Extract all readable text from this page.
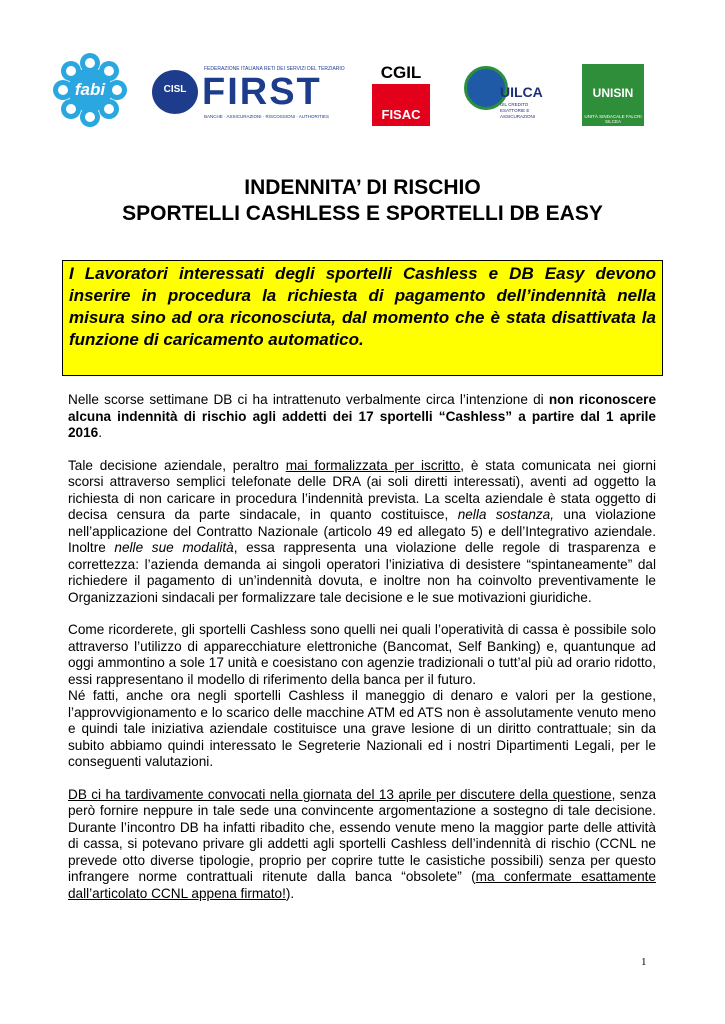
fabi	CISL
FEDERAZIONE ITALIANA RETI DEI SERVIZI DEL TERZIARIO
FIRST
BANCHE · ASSICURAZIONI · RISCOSSIONI · AUTHORITIES
CGIL
FISAC
UILCA
UIL CREDITO ESATTORIE E ASSICURAZIONI
UNISIN
UNITÀ SINDACALE FALCRI SILCEA
INDENNITA’ DI RISCHIO
SPORTELLI CASHLESS E SPORTELLI DB EASY
I Lavoratori interessati degli sportelli Cashless e DB Easy devono inserire in procedura la richiesta di pagamento dell’indennità nella misura sino ad ora riconosciuta, dal momento che è stata disattivata la funzione di caricamento automatico.

Nelle scorse settimane DB ci ha intrattenuto verbalmente circa l’intenzione di non riconoscere alcuna indennità di rischio agli addetti dei 17 sportelli “Cashless” a partire dal 1 aprile 2016.

Tale decisione aziendale, peraltro mai formalizzata per iscritto, è stata comunicata nei giorni scorsi attraverso semplici telefonate delle DRA (ai soli diretti interessati), aventi ad oggetto la richiesta di non caricare in procedura l’indennità prevista. La scelta aziendale è stata oggetto di decisa censura da parte sindacale, in quanto costituisce, nella sostanza, una violazione nell’applicazione del Contratto Nazionale (articolo 49 ed allegato 5) e dell’Integrativo aziendale. Inoltre nelle sue modalità, essa rappresenta una violazione delle regole di trasparenza e correttezza: l’azienda demanda ai singoli operatori l’iniziativa di desistere “spintaneamente” dal richiedere il pagamento di un’indennità dovuta, e inoltre non ha coinvolto preventivamente le Organizzazioni sindacali per formalizzare tale decisione e le sue motivazioni giuridiche.

Come ricorderete, gli sportelli Cashless sono quelli nei quali l’operatività di cassa è possibile solo attraverso l’utilizzo di apparecchiature elettroniche (Bancomat, Self Banking) e, quantunque ad oggi ammontino a sole 17 unità e coesistano con agenzie tradizionali o tutt’al più ad orario ridotto, essi rappresentano il modello di riferimento della banca per il futuro.

Né fatti, anche ora negli sportelli Cashless il maneggio di denaro e valori per la gestione, l’approvvigionamento e lo scarico delle macchine ATM ed ATS non è assolutamente venuto meno e quindi tale iniziativa aziendale costituisce una grave lesione di un diritto contrattuale; sin da subito abbiamo quindi interessato le Segreterie Nazionali ed i nostri Dipartimenti Legali, per le conseguenti valutazioni.

DB ci ha tardivamente convocati nella giornata del 13 aprile per discutere della questione, senza però fornire neppure in tale sede una convincente argomentazione a sostegno di tale decisione. Durante l’incontro DB ha infatti ribadito che, essendo venute meno la maggior parte delle attività di cassa, si potevano privare gli addetti agli sportelli Cashless dell’indennità di rischio (CCNL ne prevede otto diverse tipologie, proprio per coprire tutte le casistiche possibili) senza per questo infrangere norme contrattuali ritenute dalla banca “obsolete” (ma confermate esattamente dall’articolato CCNL appena firmato!).

1
